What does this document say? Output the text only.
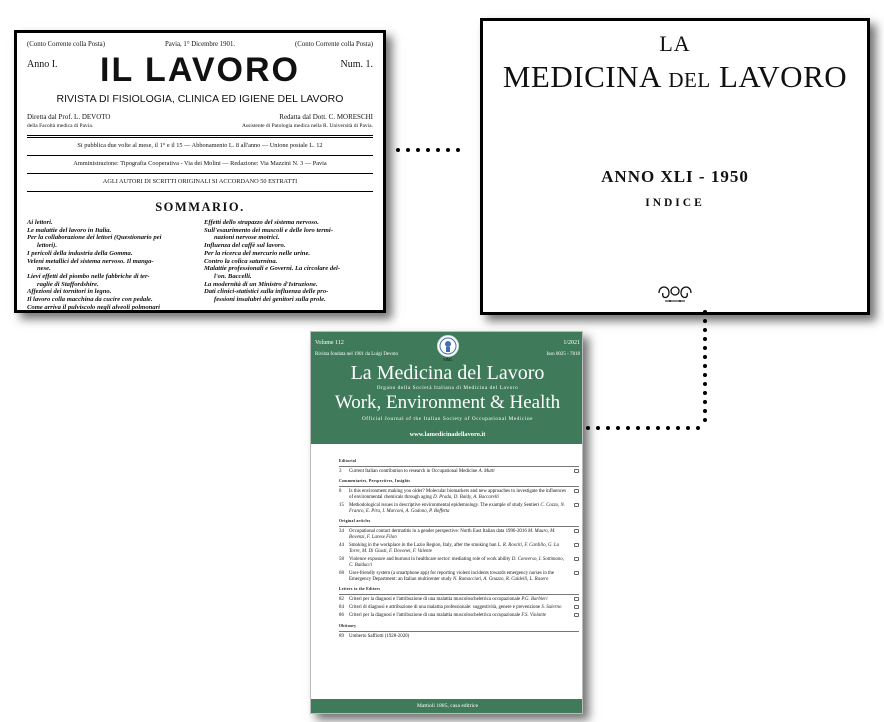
(Conto Corrente colla Posta)	Pavia, 1° Dicembre 1901.	(Conto Corrente colla Posta)
Anno I.	IL LAVORO	Num. 1.
RIVISTA DI FISIOLOGIA, CLINICA ED IGIENE DEL LAVORO
Diretta dal Prof. L. DEVOTO
della Facoltà medica di Pavia.
Redatta dal Dott. C. MORESCHI
Assistente di Patologia medica nella R. Università di Pavia.
Si pubblica due volte al mese, il 1° e il 15 — Abbonamento L. 8 all'anno — Unione postale L. 12
Amministrazione: Tipografia Cooperativa - Via dei Molini — Redazione: Via Mazzini N. 3 — Pavia
AGLI AUTORI DI SCRITTI ORIGINALI SI ACCORDANO 50 ESTRATTI
SOMMARIO.
Ai lettori.
Le malattie del lavoro in Italia.
Per la collaborazione dei lettori (Questionario pei
lettori).
I pericoli della industria della Gomma.
Veleni metallici del sistema nervoso. Il manga-
nese.
Lievi effetti del piombo nelle fabbriche di ter-
raglie di Staffordshire.
Affezioni dei tornitori in legno.
Il lavoro colla macchina da cucire con pedale.
Come arriva il pulviscolo negli alveoli polmonari
Effetti dello strapazzo del sistema nervoso.
Sull'esaurimento dei muscoli e delle loro termi-
nazioni nervose motrici.
Influenza del caffè sul lavoro.
Per la ricerca del mercurio nelle urine.
Contro la colica saturnina.
Malattie professionali e Governi. La circolare del-
l'on. Baccelli.
La modernità di un Ministro d'Istruzione.
Dati clinici-statistici sulla influenza delle pro-
fessioni insalubri dei genitori sulla prole.
LA
MEDICINA DEL LAVORO
ANNO XLI - 1950
INDICE
Volume 112	1/2021
Rivista fondata nel 1901 da Luigi Devoto	Issn 0025 - 7818
La Medicina del Lavoro
Organo della Società Italiana di Medicina del Lavoro
Work, Environment & Health
Official Journal of the Italian Society of Occupational Medicine
www.lamedicinadellavoro.it
SIML
Editorial
3	Current Italian contribution to research in Occupational Medicine A. Mutti
Commentaries, Perspectives, Insights
8	Is this environment making you older? Molecular biomarkers and new approaches to investigate the influences of environmental chemicals through aging D. Prada, D. Baldy, A. Baccarelli
15	Methodological issues in descriptive environmental epidemiology. The example of study Sentieri C. Cozzo, N. Franco, E. Pira, I. Marconi, A. Godono, P. Boffetta
Original articles
34	Occupational contact dermatitis in a gender perspective: North East Italian data 1996-2016 M. Mauro, M. Bovenzi, F. Larese Filon
44	Smoking in the workplace in the Lazio Region, Italy, after the smoking ban L. R. Rosciti, F. Cardillo, G. La Torre, M. Di Giusti, F. Dovonei, F. Valente
58	Violence exposure and burnout in healthcare sector: mediating role of work ability D. Converso, I. Sottimano, C. Balducci
68	User-friendly system (a smartphone app) for reporting violent incidents towards emergency nurses in the Emergency Department: an Italian multicenter study N. Ramacciati, A. Gnazzo, R. Caldelli, L. Rasero
Letters to the Editors
82	Criteri per la diagnosi e l'attribuzione di una malattia muscoloscheletrica occupazionale P.G. Barbieri
84	Criteri di diagnosi e attribuzione di una malattia professionale: suggestività, genere e prevenzione S. Salerno
86	Criteri per la diagnosi e l'attribuzione di una malattia muscoloscheletrica occupazionale F.S. Violante
Obituary
89	Umberto Saffiotti (1928-2020)
Mattioli 1885, casa editrice
